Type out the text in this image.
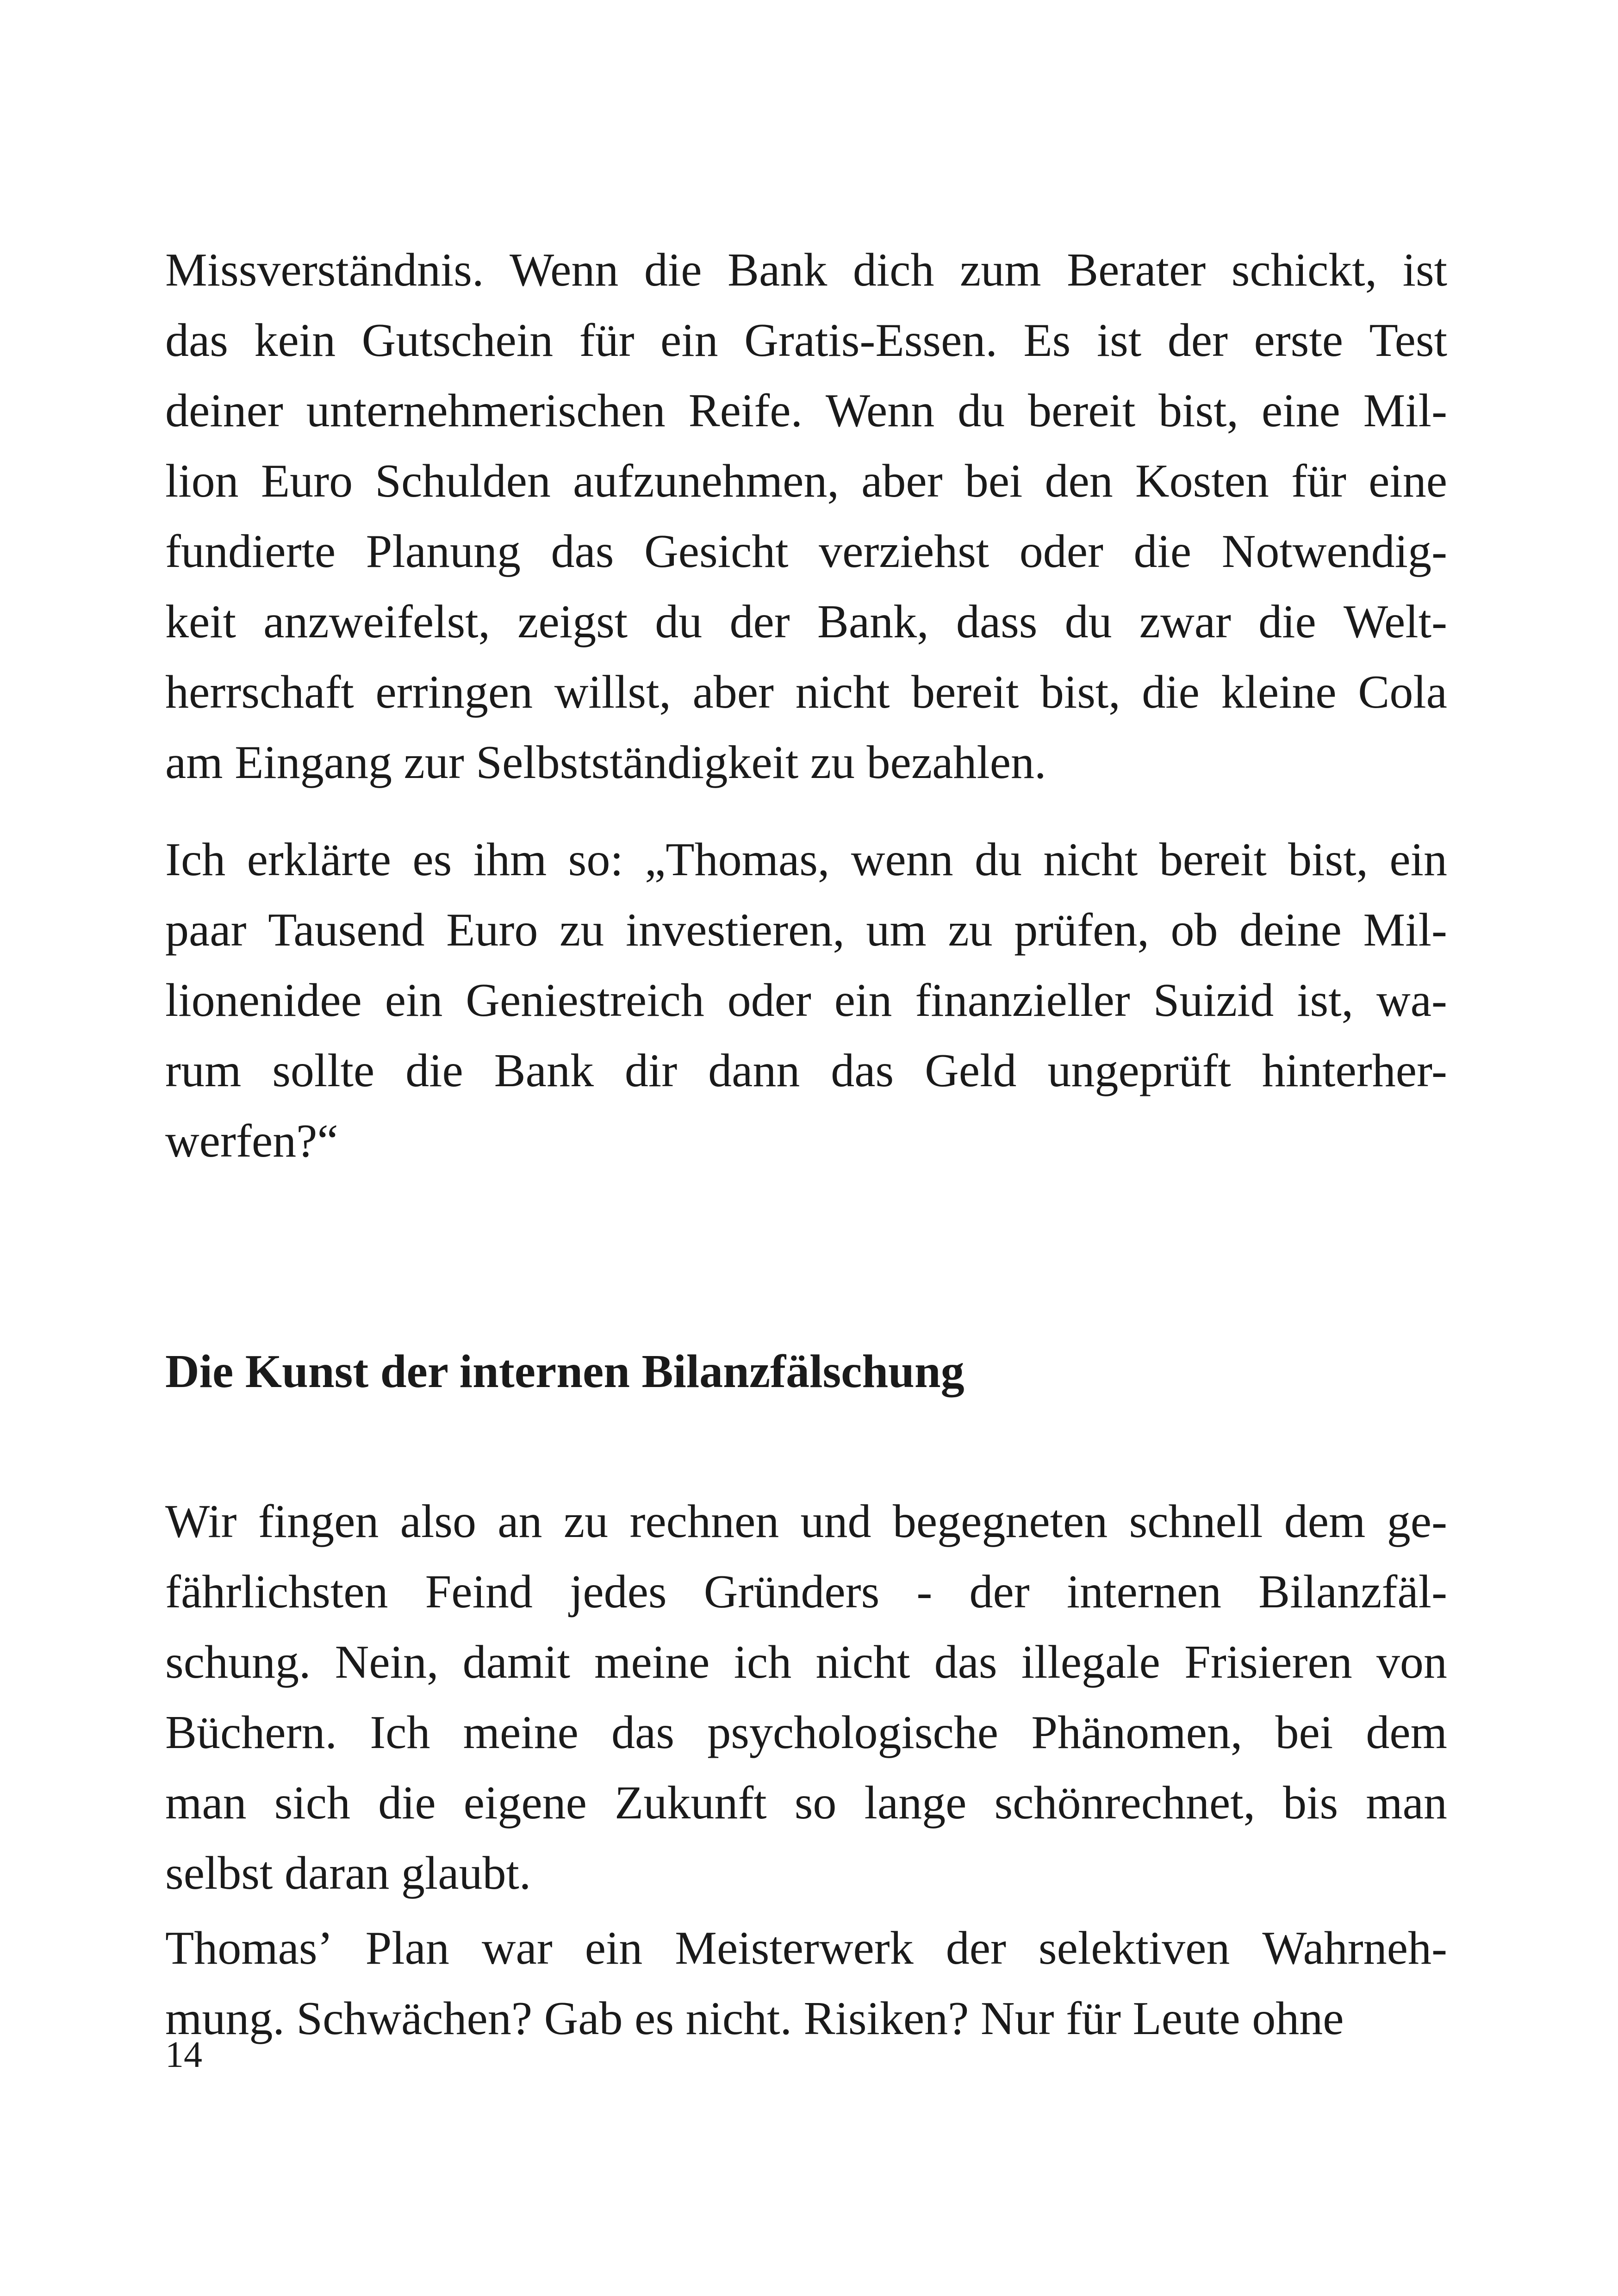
Missverständnis. Wenn die Bank dich zum Berater schickt, ist
das kein Gutschein für ein Gratis-Essen. Es ist der erste Test
deiner unternehmerischen Reife. Wenn du bereit bist, eine Mil-
lion Euro Schulden aufzunehmen, aber bei den Kosten für eine
fundierte Planung das Gesicht verziehst oder die Notwendig-
keit anzweifelst, zeigst du der Bank, dass du zwar die Welt-
herrschaft erringen willst, aber nicht bereit bist, die kleine Cola
am Eingang zur Selbstständigkeit zu bezahlen.
Ich erklärte es ihm so: „Thomas, wenn du nicht bereit bist, ein
paar Tausend Euro zu investieren, um zu prüfen, ob deine Mil-
lionenidee ein Geniestreich oder ein finanzieller Suizid ist, wa-
rum sollte die Bank dir dann das Geld ungeprüft hinterher-
werfen?“
Die Kunst der internen Bilanzfälschung
Wir fingen also an zu rechnen und begegneten schnell dem ge-
fährlichsten Feind jedes Gründers - der internen Bilanzfäl-
schung. Nein, damit meine ich nicht das illegale Frisieren von
Büchern. Ich meine das psychologische Phänomen, bei dem
man sich die eigene Zukunft so lange schönrechnet, bis man
selbst daran glaubt.
Thomas’ Plan war ein Meisterwerk der selektiven Wahrneh-
mung. Schwächen? Gab es nicht. Risiken? Nur für Leute ohne
14
